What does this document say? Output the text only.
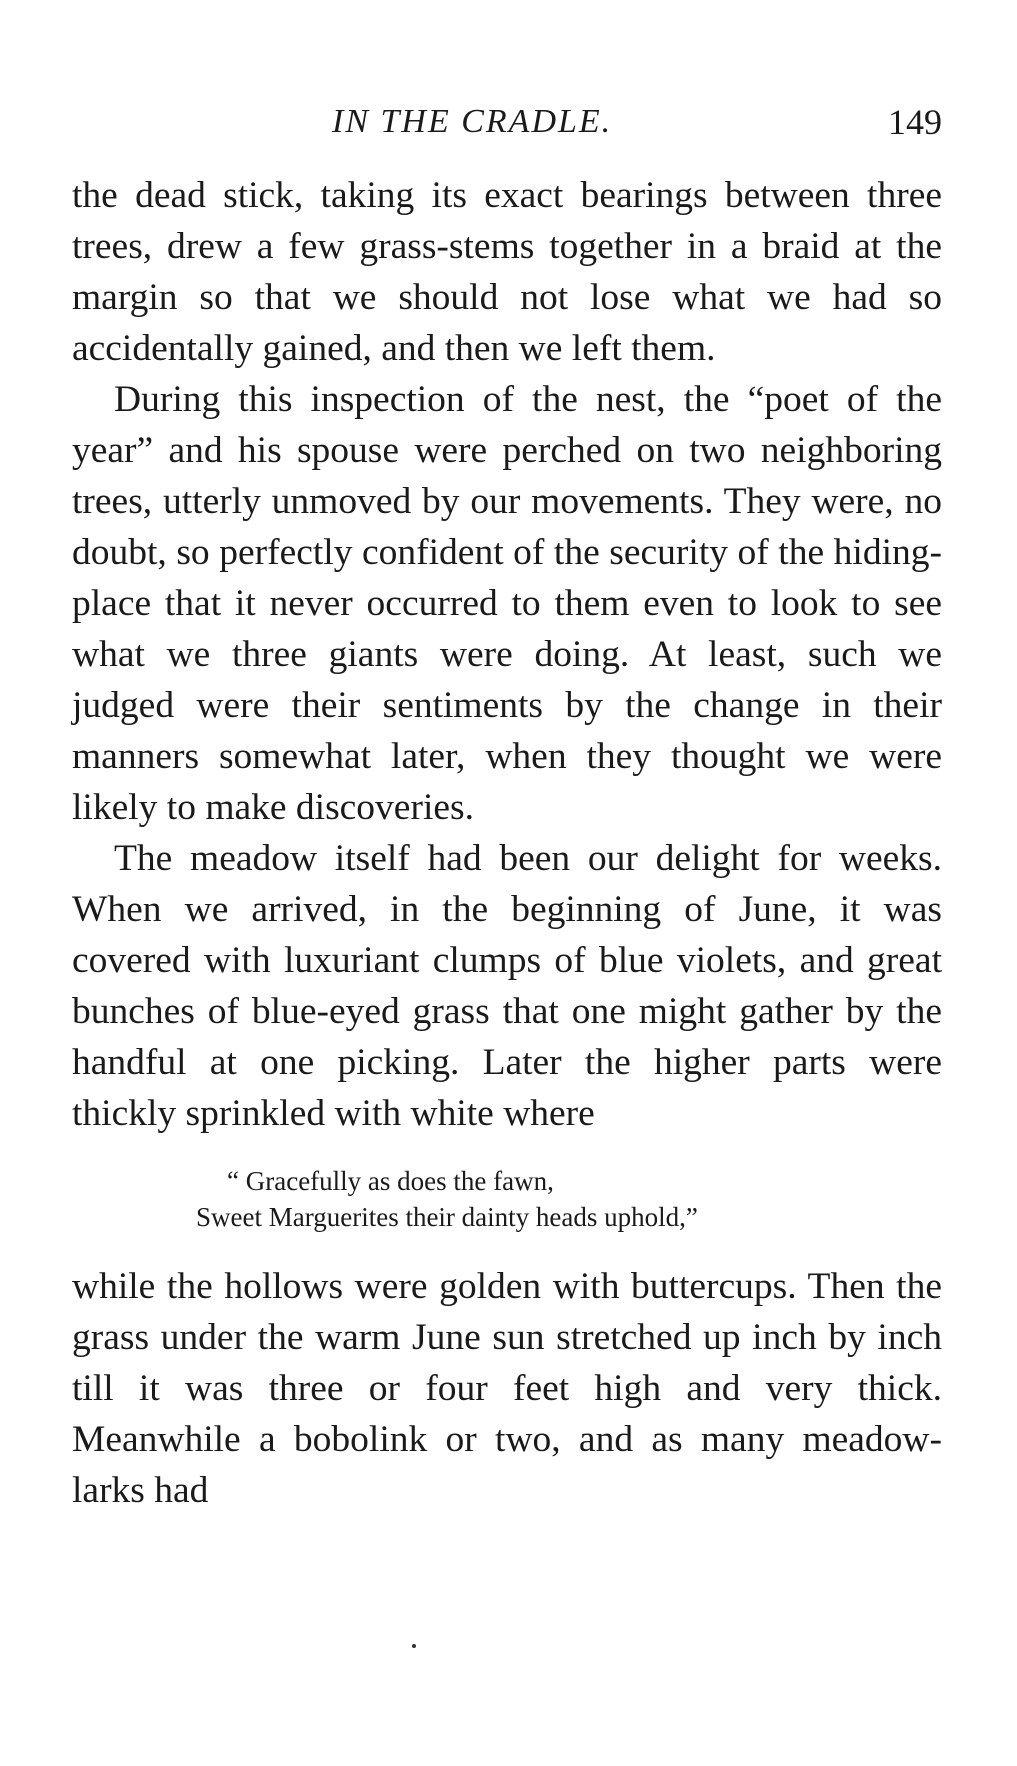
IN THE CRADLE.	149

the dead stick, taking its exact bearings between three trees, drew a few grass-stems together in a braid at the margin so that we should not lose what we had so accidentally gained, and then we left them.

During this inspection of the nest, the “poet of the year” and his spouse were perched on two neighboring trees, utterly unmoved by our movements. They were, no doubt, so perfectly confident of the security of the hiding-place that it never occurred to them even to look to see what we three giants were doing. At least, such we judged were their sentiments by the change in their manners somewhat later, when they thought we were likely to make discoveries.

The meadow itself had been our delight for weeks. When we arrived, in the beginning of June, it was covered with luxuriant clumps of blue violets, and great bunches of blue-eyed grass that one might gather by the handful at one picking. Later the higher parts were thickly sprinkled with white where

“ Gracefully as does the fawn,
Sweet Marguerites their dainty heads uphold,”

while the hollows were golden with buttercups. Then the grass under the warm June sun stretched up inch by inch till it was three or four feet high and very thick. Meanwhile a bobolink or two, and as many meadow-larks had
